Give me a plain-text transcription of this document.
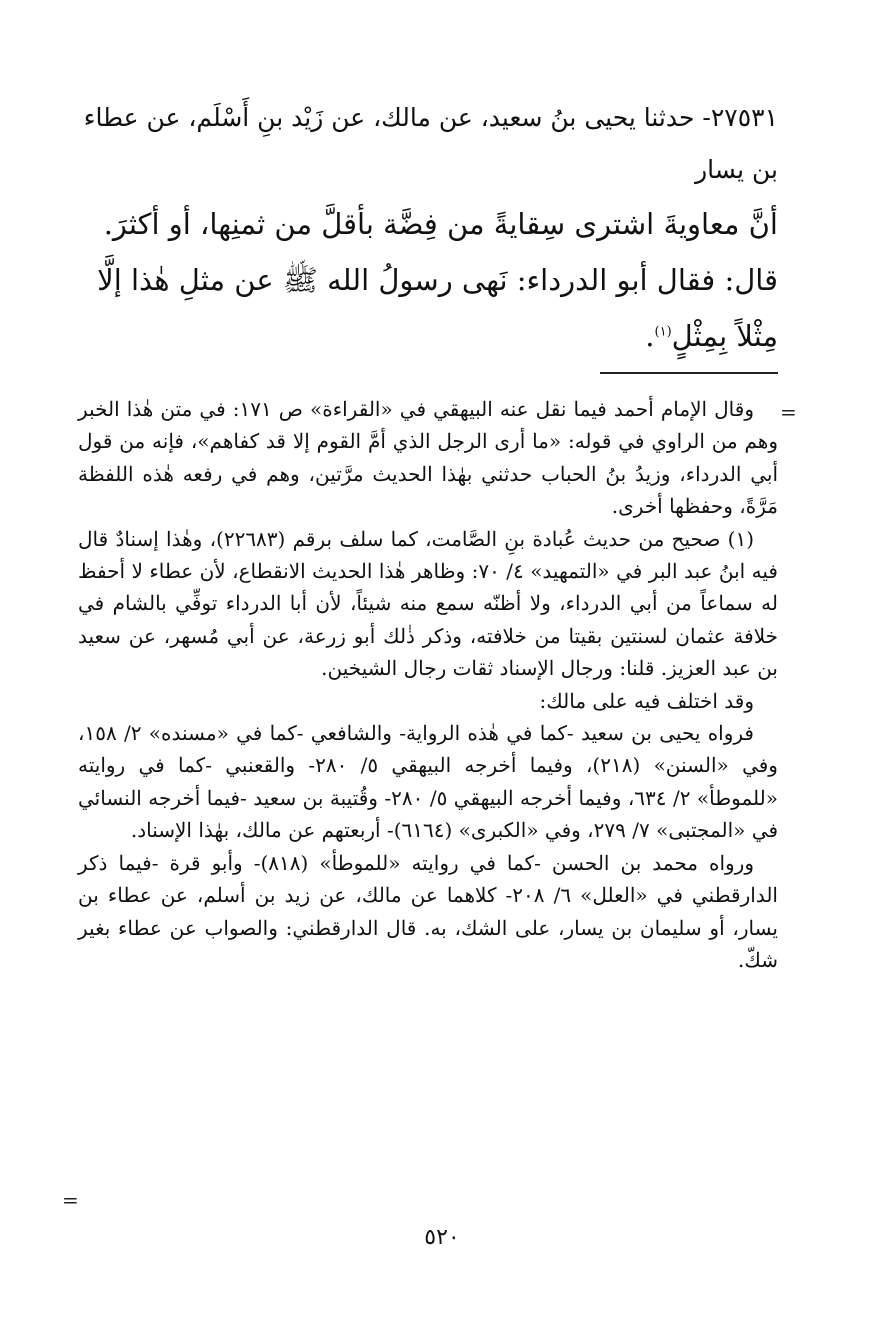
٢٧٥٣١- حدثنا يحيى بنُ سعيد، عن مالك، عن زَيْد بنِ أَسْلَم، عن عطاء بن يسار
أنَّ معاويةَ اشترى سِقايةً من فِضَّة بأقلَّ من ثمنِها، أو أكثرَ. قال: فقال أبو الدرداء: نَهى رسولُ الله ﷺ عن مثلِ هٰذا إلَّا مِثْلاً بِمِثْلٍ$^{(١)}$.
=

وقال الإمام أحمد فيما نقل عنه البيهقي في «القراءة» ص ١٧١: في متن هٰذا الخبر وهم من الراوي في قوله: «ما أرى الرجل الذي أمَّ القوم إلا قد كفاهم»، فإنه من قول أبي الدرداء، وزيدُ بنُ الحباب حدثني بهٰذا الحديث مرَّتين، وهم في رفعه هٰذه اللفظة مَرَّةً، وحفظها أخرى.

(١) صحيح من حديث عُبادة بنِ الصَّامت، كما سلف برقم (٢٢٦٨٣)، وهٰذا إسنادٌ قال فيه ابنُ عبد البر في «التمهيد» ٤/ ٧٠: وظاهر هٰذا الحديث الانقطاع، لأن عطاء لا أحفظ له سماعاً من أبي الدرداء، ولا أظنّه سمع منه شيئاً، لأن أبا الدرداء توفِّي بالشام في خلافة عثمان لسنتين بقيتا من خلافته، وذكر ذٰلك أبو زرعة، عن أبي مُسهر، عن سعيد بن عبد العزيز. قلنا: ورجال الإسناد ثقات رجال الشيخين.

وقد اختلف فيه على مالك:

فرواه يحيى بن سعيد -كما في هٰذه الرواية- والشافعي -كما في «مسنده» ٢/ ١٥٨، وفي «السنن» (٢١٨)، وفيما أخرجه البيهقي ٥/ ٢٨٠- والقعنبي -كما في روايته «للموطأ» ٢/ ٦٣٤، وفيما أخرجه البيهقي ٥/ ٢٨٠- وقُتيبة بن سعيد -فيما أخرجه النسائي في «المجتبى» ٧/ ٢٧٩، وفي «الكبرى» (٦١٦٤)- أربعتهم عن مالك، بهٰذا الإسناد.

ورواه محمد بن الحسن -كما في روايته «للموطأ» (٨١٨)- وأبو قرة -فيما ذكر الدارقطني في «العلل» ٦/ ٢٠٨- كلاهما عن مالك، عن زيد بن أسلم، عن عطاء بن يسار، أو سليمان بن يسار، على الشك، به. قال الدارقطني: والصواب عن عطاء بغير شكّ.

=
٥٢٠
